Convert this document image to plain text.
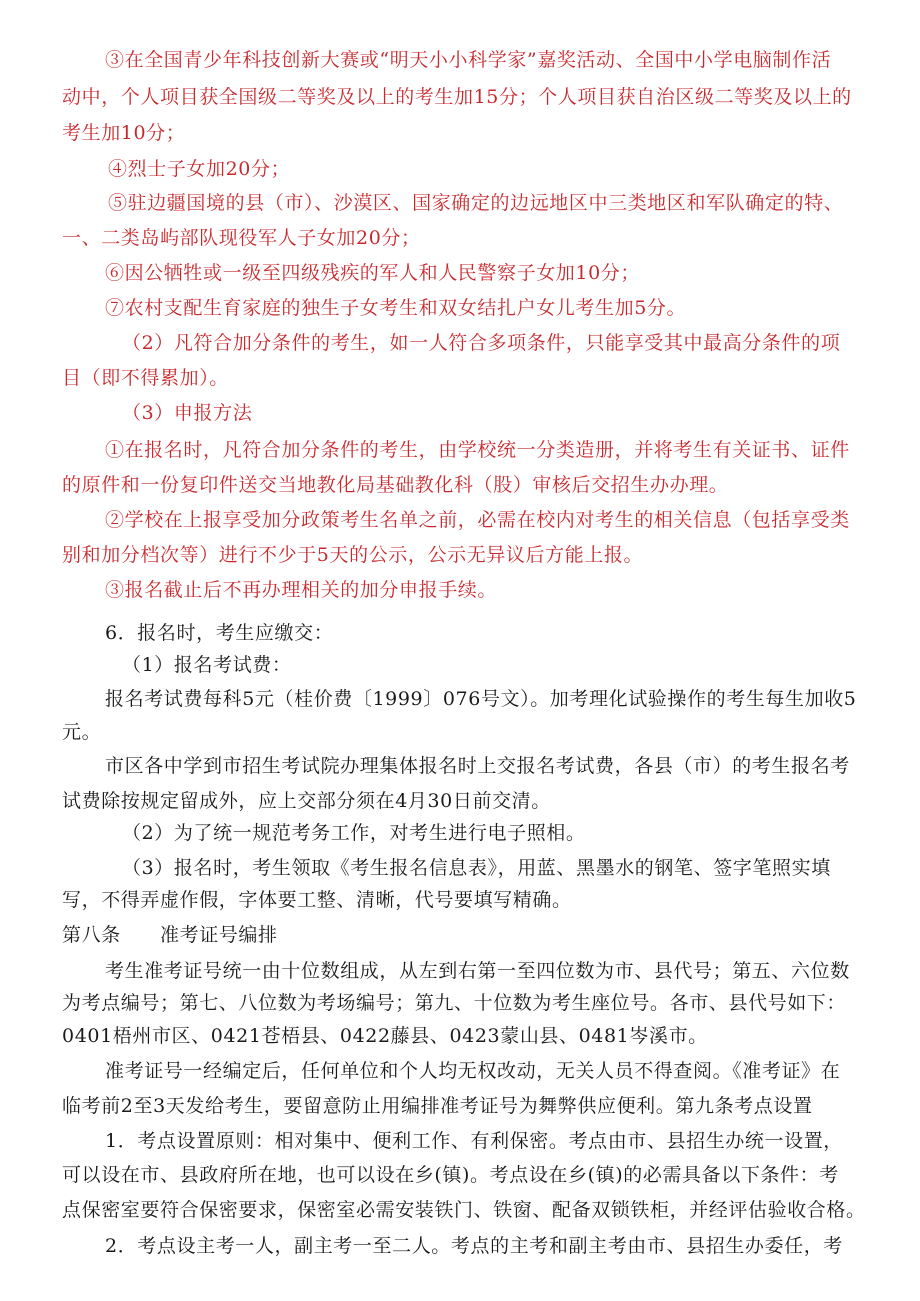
③在全国青少年科技创新大赛或“明天小小科学家”嘉奖活动、全国中小学电脑制作活
动中，个人项目获全国级二等奖及以上的考生加15分；个人项目获自治区级二等奖及以上的
考生加10分；
④烈士子女加20分；
⑤驻边疆国境的县（市）、沙漠区、国家确定的边远地区中三类地区和军队确定的特、
一、二类岛屿部队现役军人子女加20分；
⑥因公牺牲或一级至四级残疾的军人和人民警察子女加10分；
⑦农村支配生育家庭的独生子女考生和双女结扎户女儿考生加5分。
（2）凡符合加分条件的考生，如一人符合多项条件，只能享受其中最高分条件的项
目（即不得累加）。
（3）申报方法
①在报名时，凡符合加分条件的考生，由学校统一分类造册，并将考生有关证书、证件
的原件和一份复印件送交当地教化局基础教化科（股）审核后交招生办办理。
②学校在上报享受加分政策考生名单之前，必需在校内对考生的相关信息（包括享受类
别和加分档次等）进行不少于5天的公示，公示无异议后方能上报。
③报名截止后不再办理相关的加分申报手续。
6．报名时，考生应缴交：
（1）报名考试费：
报名考试费每科5元（桂价费〔1999〕076号文）。加考理化试验操作的考生每生加收5
元。
市区各中学到市招生考试院办理集体报名时上交报名考试费，各县（市）的考生报名考
试费除按规定留成外，应上交部分须在4月30日前交清。
（2）为了统一规范考务工作，对考生进行电子照相。
（3）报名时，考生领取《考生报名信息表》，用蓝、黑墨水的钢笔、签字笔照实填
写，不得弄虚作假，字体要工整、清晰，代号要填写精确。
第八条　　准考证号编排
考生准考证号统一由十位数组成，从左到右第一至四位数为市、县代号；第五、六位数
为考点编号；第七、八位数为考场编号；第九、十位数为考生座位号。各市、县代号如下：
0401梧州市区、0421苍梧县、0422藤县、0423蒙山县、0481岑溪市。
准考证号一经编定后，任何单位和个人均无权改动，无关人员不得查阅。《准考证》在
临考前2至3天发给考生，要留意防止用编排准考证号为舞弊供应便利。第九条考点设置
1．考点设置原则：相对集中、便利工作、有利保密。考点由市、县招生办统一设置，
可以设在市、县政府所在地，也可以设在乡(镇)。考点设在乡(镇)的必需具备以下条件：考
点保密室要符合保密要求，保密室必需安装铁门、铁窗、配备双锁铁柜，并经评估验收合格。
2．考点设主考一人，副主考一至二人。考点的主考和副主考由市、县招生办委任，考
